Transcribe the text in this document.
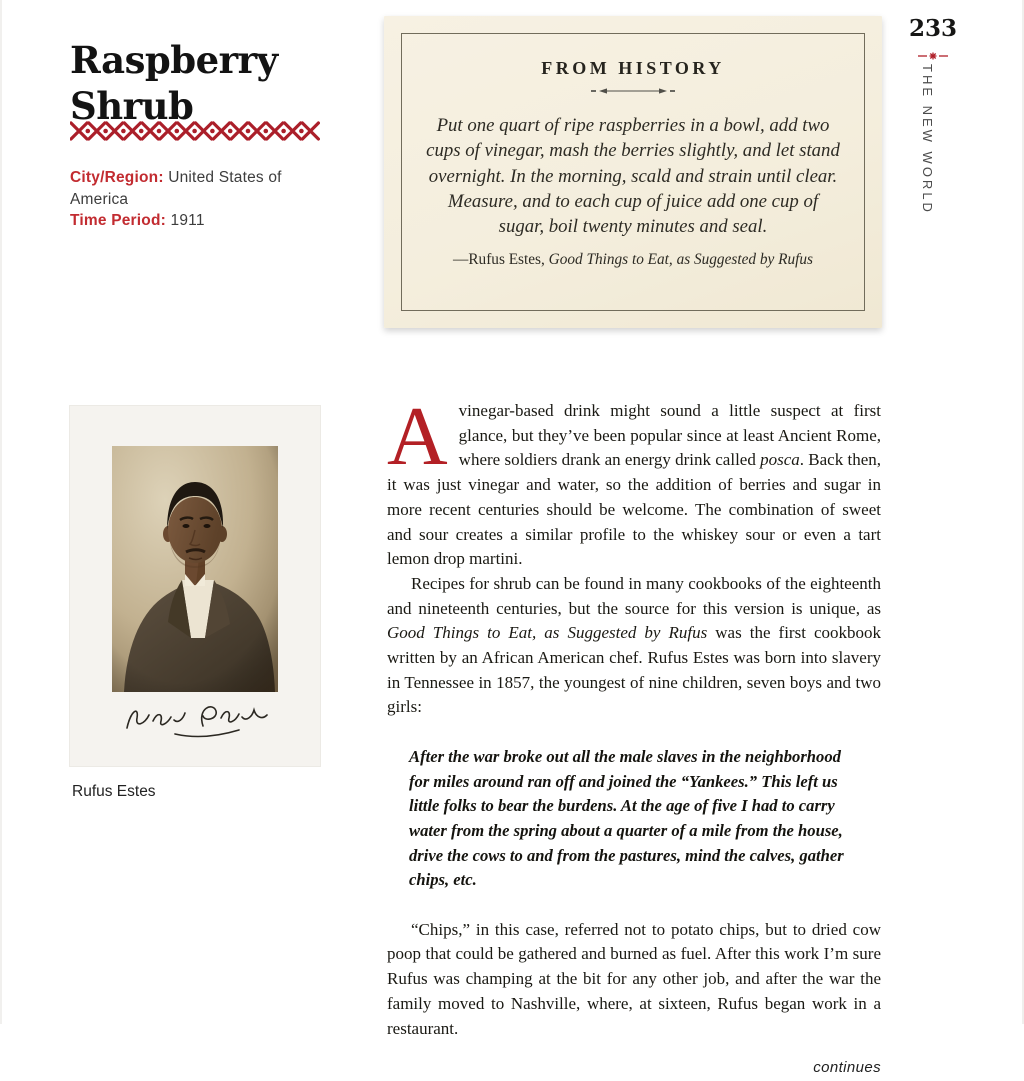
Raspberry
Shrub
City/Region: United States of America
Time Period: 1911
Rufus Estes
FROM HISTORY
Put one quart of ripe raspberries in a bowl, add two cups of vinegar, mash the berries slightly, and let stand overnight. In the morning, scald and strain until clear. Measure, and to each cup of juice add one cup of sugar, boil twenty minutes and seal.
—Rufus Estes, Good Things to Eat, as Suggested by Rufus

Avinegar-based drink might sound a little suspect at first glance, but they’ve been popular since at least Ancient Rome, where soldiers drank an energy drink called posca. Back then, it was just vinegar and water, so the addition of berries and sugar in more recent centuries should be welcome. The combination of sweet and sour creates a similar profile to the whiskey sour or even a tart lemon drop martini.

Recipes for shrub can be found in many cookbooks of the eighteenth and nineteenth centuries, but the source for this version is unique, as Good Things to Eat, as Suggested by Rufus was the first cookbook written by an African American chef. Rufus Estes was born into slavery in Tennessee in 1857, the youngest of nine children, seven boys and two girls:

After the war broke out all the male slaves in the neighborhood for miles around ran off and joined the “Yankees.” This left us little folks to bear the burdens. At the age of five I had to carry water from the spring about a quarter of a mile from the house, drive the cows to and from the pastures, mind the calves, gather chips, etc.

“Chips,” in this case, referred not to potato chips, but to dried cow poop that could be gathered and burned as fuel. After this work I’m sure Rufus was champing at the bit for any other job, and after the war the family moved to Nashville, where, at sixteen, Rufus began work in a restaurant.

continues
233
THE NEW WORLD
